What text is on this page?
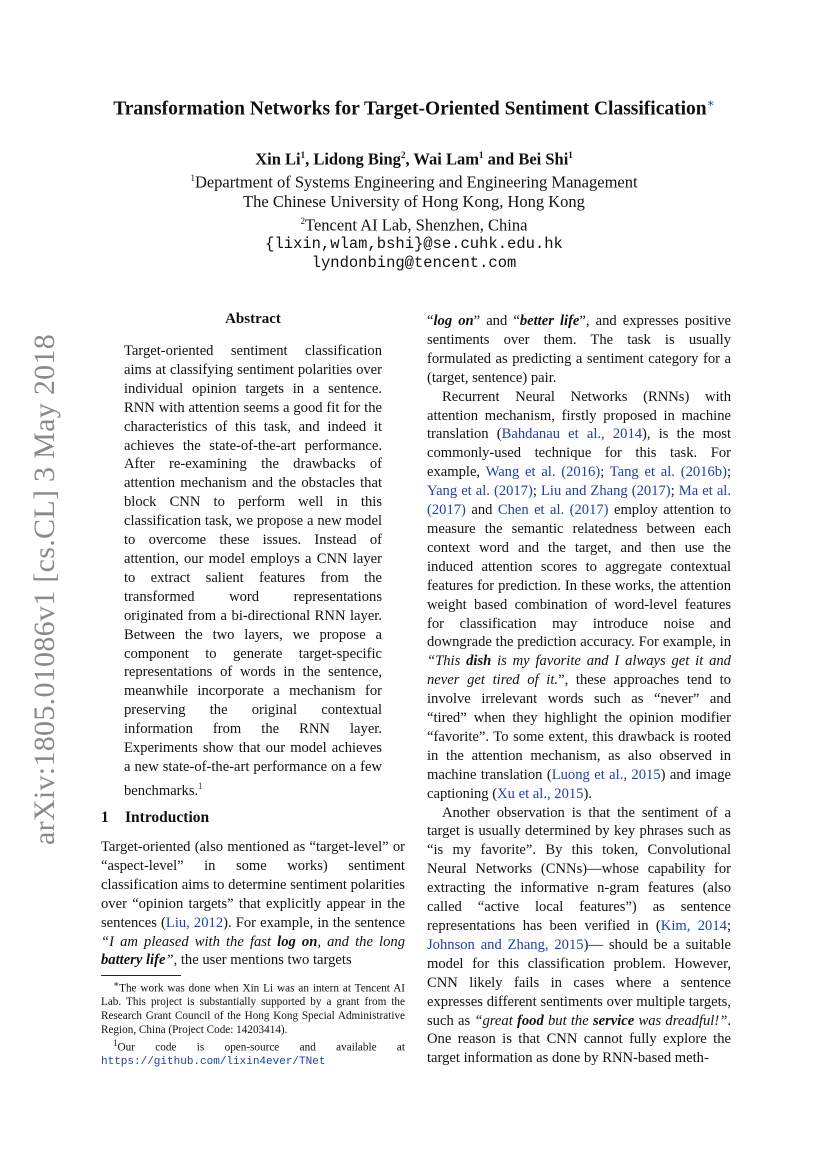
arXiv:1805.01086v1 [cs.CL] 3 May 2018
Transformation Networks for Target-Oriented Sentiment Classification∗
Xin Li$^1$, Lidong Bing$^2$, Wai Lam$^1$ and Bei Shi$^1$
$^1$Department of Systems Engineering and Engineering Management
The Chinese University of Hong Kong, Hong Kong
$^2$Tencent AI Lab, Shenzhen, China
{lixin,wlam,bshi}@se.cuhk.edu.hk
lyndonbing@tencent.com
Abstract
Target-oriented sentiment classification aims at classifying sentiment polarities over individual opinion targets in a sentence. RNN with attention seems a good fit for the characteristics of this task, and indeed it achieves the state-of-the-art performance. After re-examining the drawbacks of attention mechanism and the obstacles that block CNN to perform well in this classification task, we propose a new model to overcome these issues. Instead of attention, our model employs a CNN layer to extract salient features from the transformed word representations originated from a bi-directional RNN layer. Between the two layers, we propose a component to generate target-specific representations of words in the sentence, meanwhile incorporate a mechanism for preserving the original contextual information from the RNN layer. Experiments show that our model achieves a new state-of-the-art performance on a few benchmarks.$^1$
1 Introduction

Target-oriented (also mentioned as “target-level” or “aspect-level” in some works) sentiment classification aims to determine sentiment polarities over “opinion targets” that explicitly appear in the sentences (Liu, 2012). For example, in the sentence “I am pleased with the fast log on, and the long battery life”, the user mentions two targets

∗The work was done when Xin Li was an intern at Tencent AI Lab. This project is substantially supported by a grant from the Research Grant Council of the Hong Kong Special Administrative Region, China (Project Code: 14203414).

$^1$Our code is open-source and available at https://github.com/lixin4ever/TNet

“log on” and “better life”, and expresses positive sentiments over them. The task is usually formulated as predicting a sentiment category for a (target, sentence) pair.

Recurrent Neural Networks (RNNs) with attention mechanism, firstly proposed in machine translation (Bahdanau et al., 2014), is the most commonly-used technique for this task. For example, Wang et al. (2016); Tang et al. (2016b); Yang et al. (2017); Liu and Zhang (2017); Ma et al. (2017) and Chen et al. (2017) employ attention to measure the semantic relatedness between each context word and the target, and then use the induced attention scores to aggregate contextual features for prediction. In these works, the attention weight based combination of word-level features for classification may introduce noise and downgrade the prediction accuracy. For example, in “This dish is my favorite and I always get it and never get tired of it.”, these approaches tend to involve irrelevant words such as “never” and “tired” when they highlight the opinion modifier “favorite”. To some extent, this drawback is rooted in the attention mechanism, as also observed in machine translation (Luong et al., 2015) and image captioning (Xu et al., 2015).

Another observation is that the sentiment of a target is usually determined by key phrases such as “is my favorite”. By this token, Convolutional Neural Networks (CNNs)—whose capability for extracting the informative n-gram features (also called “active local features”) as sentence representations has been verified in (Kim, 2014; Johnson and Zhang, 2015)— should be a suitable model for this classification problem. However, CNN likely fails in cases where a sentence expresses different sentiments over multiple targets, such as “great food but the service was dreadful!”. One reason is that CNN cannot fully explore the target information as done by RNN-based meth-
